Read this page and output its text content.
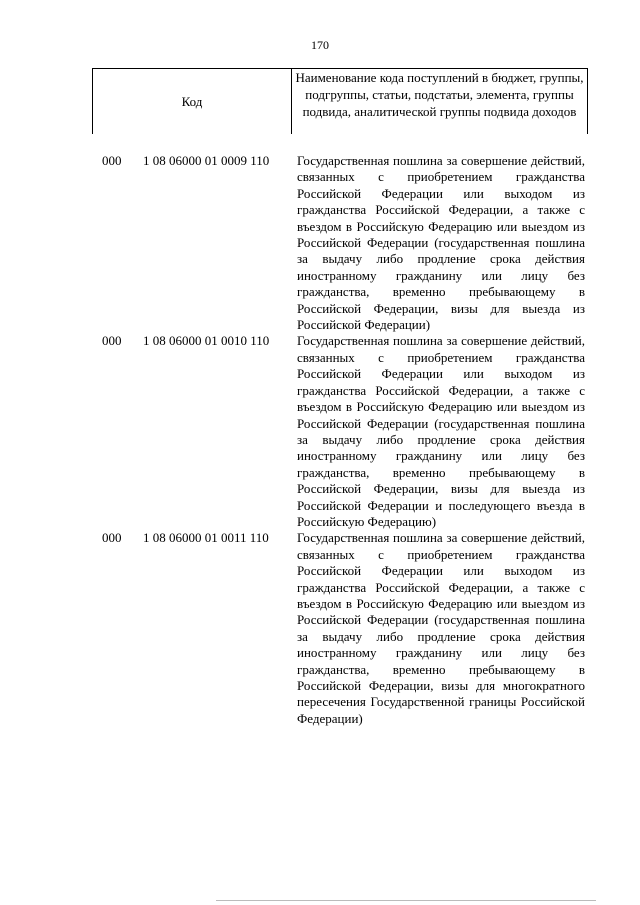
170
Код
Наименование кода поступлений в бюджет, группы, подгруппы, статьи, подстатьи, элемента, группы подвида, аналитической группы подвида доходов
000 1 08 06000 01 0009 110 Государственная пошлина за совершение действий, связанных с приобретением гражданства Российской Федерации или выходом из гражданства Российской Федерации, а также с въездом в Российскую Федерацию или выездом из Российской Федерации (государственная пошлина за выдачу либо продление срока действия иностранному гражданину или лицу без гражданства, временно пребывающему в Российской Федерации, визы для выезда из Российской Федерации)
000 1 08 06000 01 0010 110 Государственная пошлина за совершение действий, связанных с приобретением гражданства Российской Федерации или выходом из гражданства Российской Федерации, а также с въездом в Российскую Федерацию или выездом из Российской Федерации (государственная пошлина за выдачу либо продление срока действия иностранному гражданину или лицу без гражданства, временно пребывающему в Российской Федерации, визы для выезда из Российской Федерации и последующего въезда в Российскую Федерацию)
000 1 08 06000 01 0011 110 Государственная пошлина за совершение действий, связанных с приобретением гражданства Российской Федерации или выходом из гражданства Российской Федерации, а также с въездом в Российскую Федерацию или выездом из Российской Федерации (государственная пошлина за выдачу либо продление срока действия иностранному гражданину или лицу без гражданства, временно пребывающему в Российской Федерации, визы для многократного пересечения Государственной границы Российской Федерации)
